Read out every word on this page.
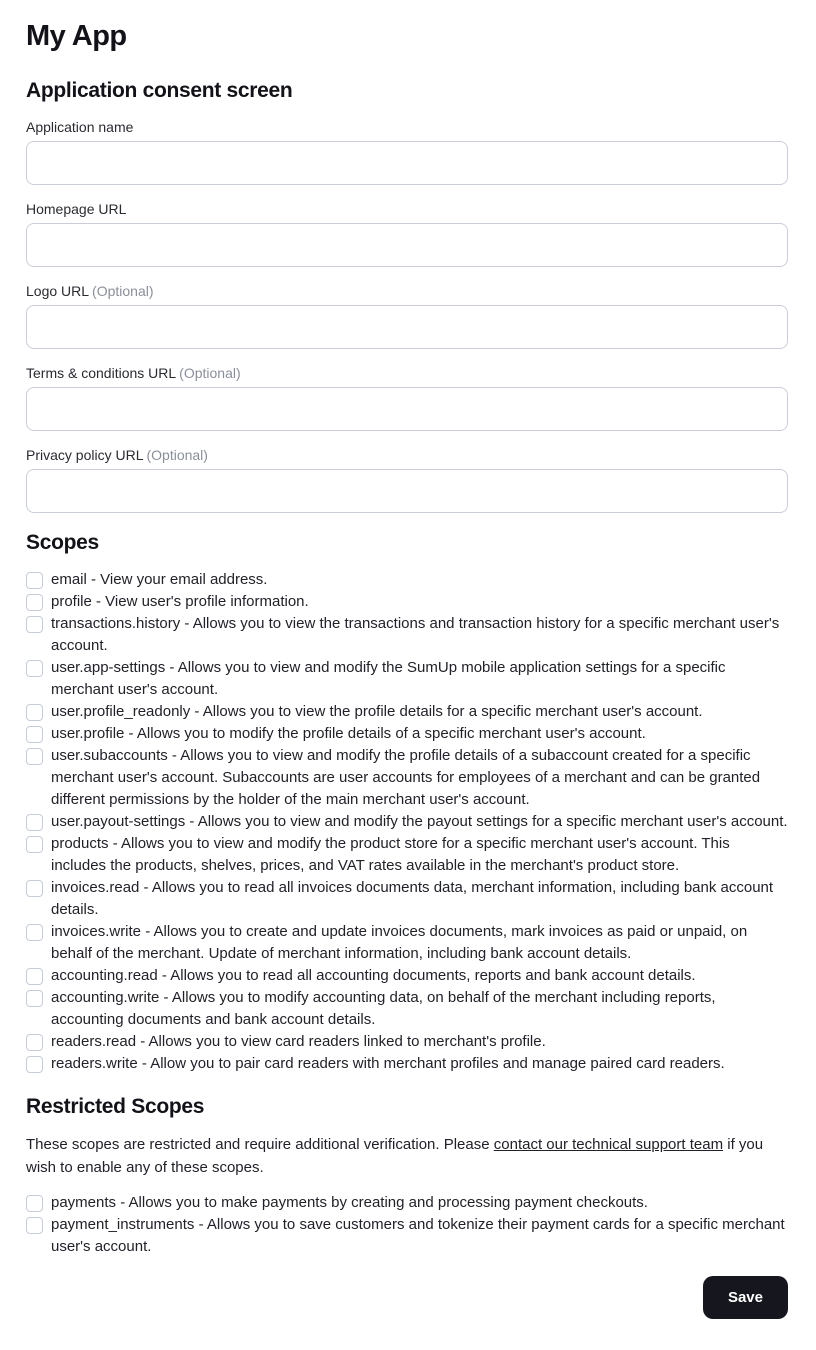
My App
Application consent screen
Application name
Homepage URL
Logo URL (Optional)
Terms & conditions URL (Optional)
Privacy policy URL (Optional)
Scopes
email - View your email address.
profile - View user's profile information.
transactions.history - Allows you to view the transactions and transaction history for a specific merchant user's account.
user.app-settings - Allows you to view and modify the SumUp mobile application settings for a specific merchant user's account.
user.profile_readonly - Allows you to view the profile details for a specific merchant user's account.
user.profile - Allows you to modify the profile details of a specific merchant user's account.
user.subaccounts - Allows you to view and modify the profile details of a subaccount created for a specific merchant user's account. Subaccounts are user accounts for employees of a merchant and can be granted different permissions by the holder of the main merchant user's account.
user.payout-settings - Allows you to view and modify the payout settings for a specific merchant user's account.
products - Allows you to view and modify the product store for a specific merchant user's account. This includes the products, shelves, prices, and VAT rates available in the merchant's product store.
invoices.read - Allows you to read all invoices documents data, merchant information, including bank account details.
invoices.write - Allows you to create and update invoices documents, mark invoices as paid or unpaid, on behalf of the merchant. Update of merchant information, including bank account details.
accounting.read - Allows you to read all accounting documents, reports and bank account details.
accounting.write - Allows you to modify accounting data, on behalf of the merchant including reports, accounting documents and bank account details.
readers.read - Allows you to view card readers linked to merchant's profile.
readers.write - Allow you to pair card readers with merchant profiles and manage paired card readers.
Restricted Scopes

These scopes are restricted and require additional verification. Please contact our technical support team if you wish to enable any of these scopes.

payments - Allows you to make payments by creating and processing payment checkouts.
payment_instruments - Allows you to save customers and tokenize their payment cards for a specific merchant user's account.
Save
